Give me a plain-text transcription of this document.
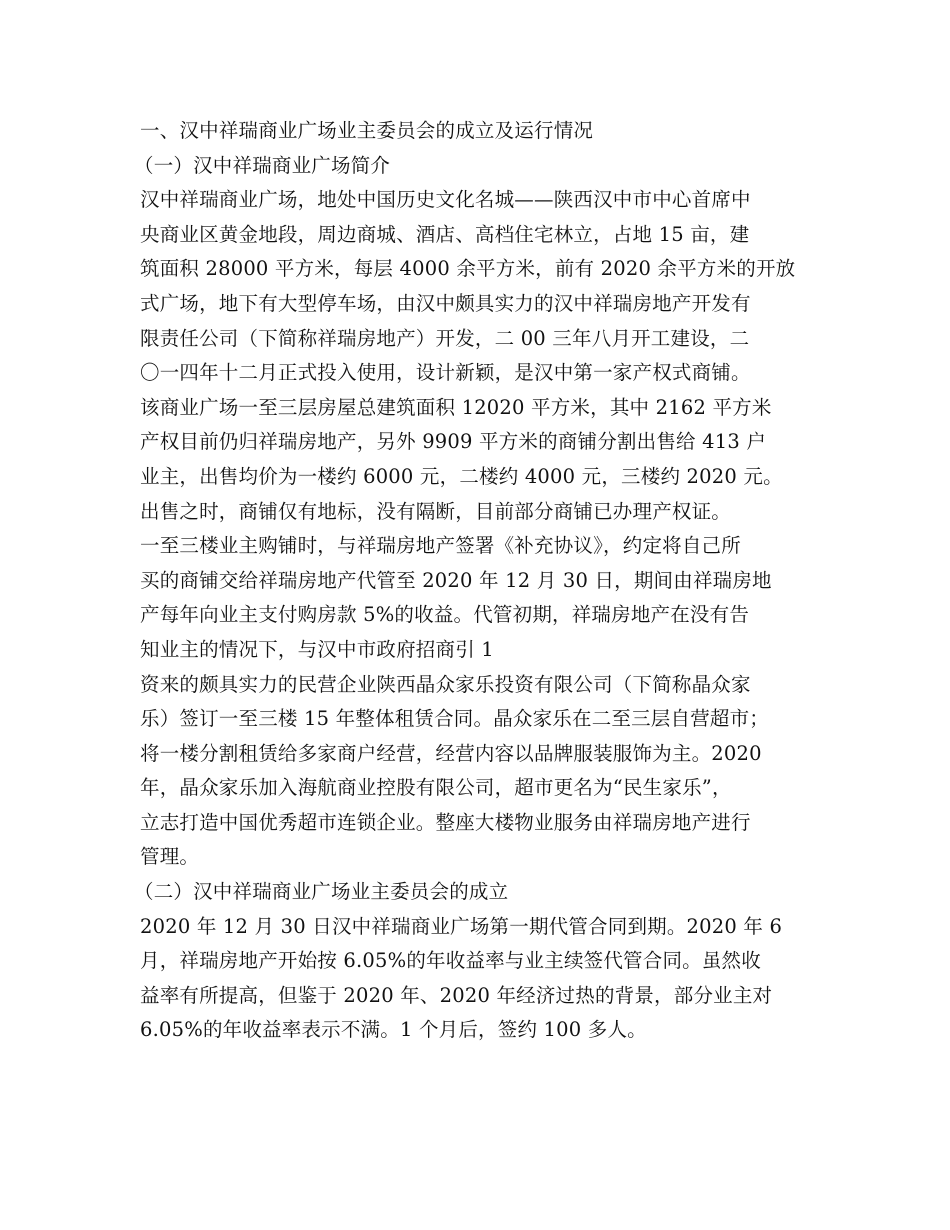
一、汉中祥瑞商业广场业主委员会的成立及运行情况
（一）汉中祥瑞商业广场简介
汉中祥瑞商业广场，地处中国历史文化名城——陕西汉中市中心首席中
央商业区黄金地段，周边商城、酒店、高档住宅林立，占地 15 亩，建
筑面积 28000 平方米，每层 4000 余平方米，前有 2020 余平方米的开放
式广场，地下有大型停车场，由汉中颇具实力的汉中祥瑞房地产开发有
限责任公司（下简称祥瑞房地产）开发，二 00 三年八月开工建设，二
〇一四年十二月正式投入使用，设计新颖，是汉中第一家产权式商铺。
该商业广场一至三层房屋总建筑面积 12020 平方米，其中 2162 平方米
产权目前仍归祥瑞房地产，另外 9909 平方米的商铺分割出售给 413 户
业主，出售均价为一楼约 6000 元，二楼约 4000 元，三楼约 2020 元。
出售之时，商铺仅有地标，没有隔断，目前部分商铺已办理产权证。
一至三楼业主购铺时，与祥瑞房地产签署《补充协议》，约定将自己所
买的商铺交给祥瑞房地产代管至 2020 年 12 月 30 日，期间由祥瑞房地
产每年向业主支付购房款 5%的收益。代管初期，祥瑞房地产在没有告
知业主的情况下，与汉中市政府招商引 1
资来的颇具实力的民营企业陕西晶众家乐投资有限公司（下简称晶众家
乐）签订一至三楼 15 年整体租赁合同。晶众家乐在二至三层自营超市；
将一楼分割租赁给多家商户经营，经营内容以品牌服装服饰为主。2020
年，晶众家乐加入海航商业控股有限公司，超市更名为“民生家乐”，
立志打造中国优秀超市连锁企业。整座大楼物业服务由祥瑞房地产进行
管理。
（二）汉中祥瑞商业广场业主委员会的成立
2020 年 12 月 30 日汉中祥瑞商业广场第一期代管合同到期。2020 年 6
月，祥瑞房地产开始按 6.05%的年收益率与业主续签代管合同。虽然收
益率有所提高，但鉴于 2020 年、2020 年经济过热的背景，部分业主对
6.05%的年收益率表示不满。1 个月后，签约 100 多人。
